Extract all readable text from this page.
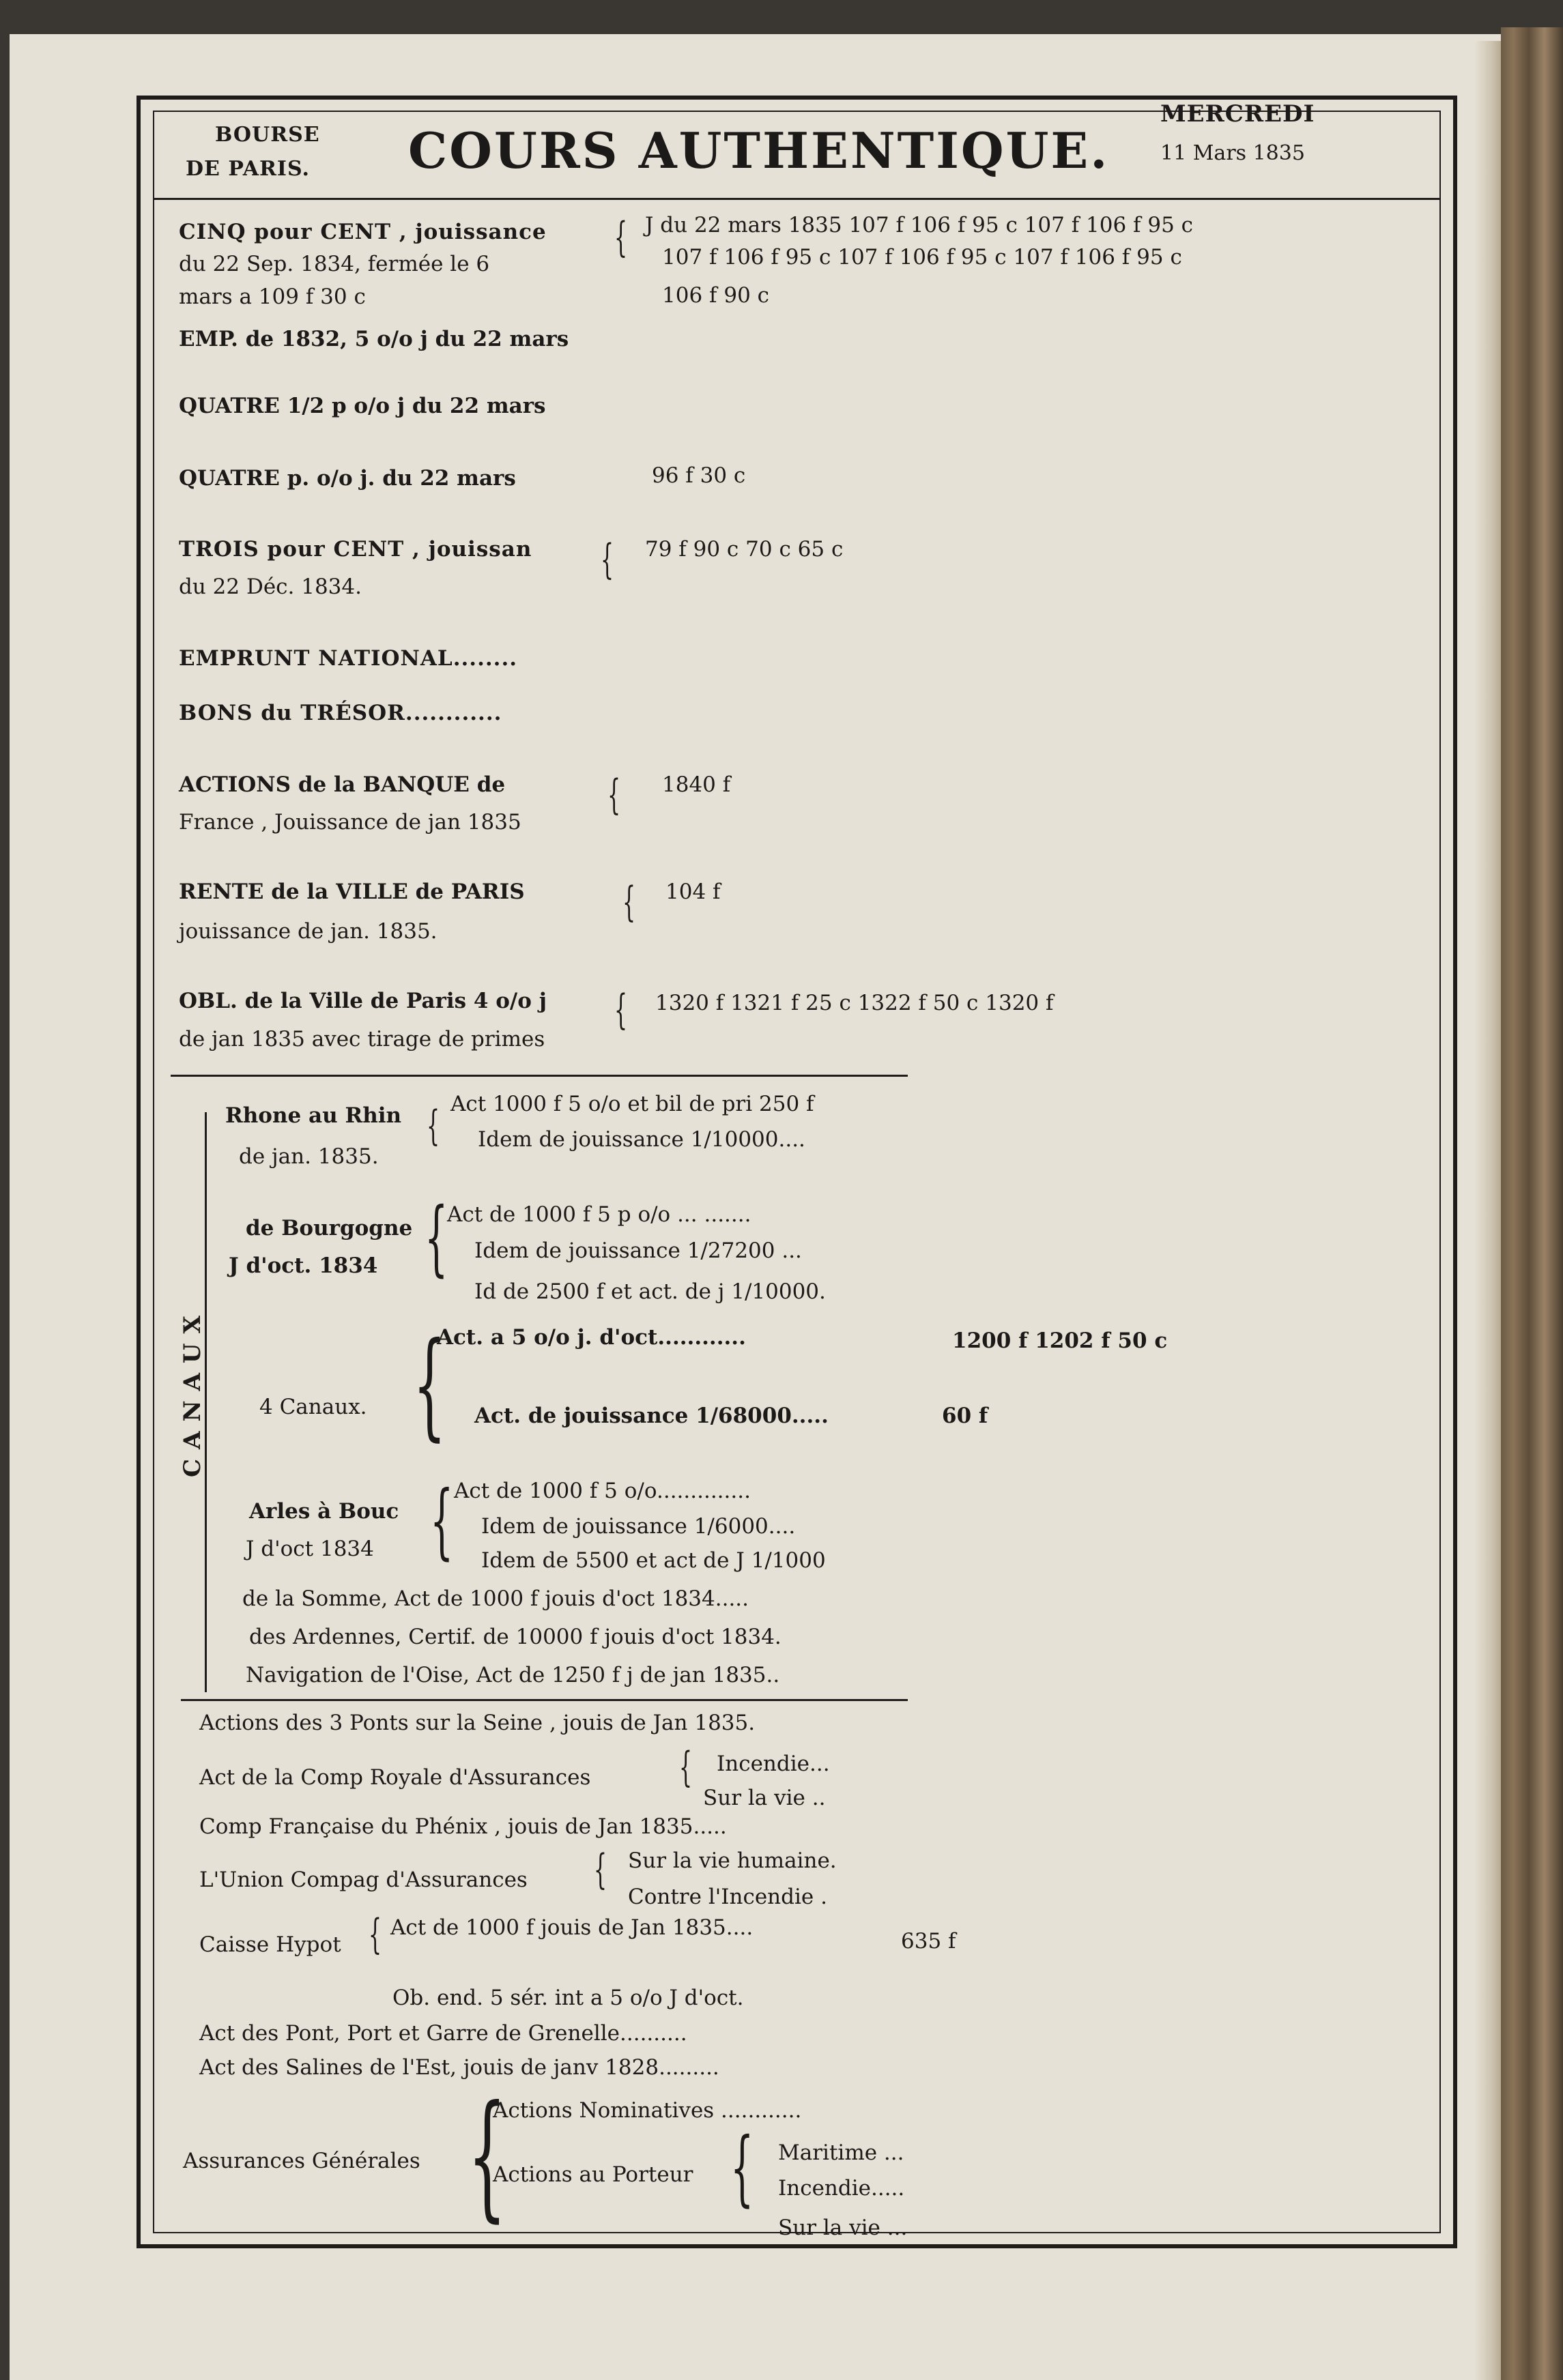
BOURSE
DE PARIS. COURS AUTHENTIQUE.
MERCREDI
11 Mars 1835
CINQ pour CENT , jouissance
du 22 Sep. 1834, fermée le 6
mars a 109 f 30 c
{ J du 22 mars 1835 107 f 106 f 95 c 107 f 106 f 95 c
107 f 106 f 95 c 107 f 106 f 95 c 107 f 106 f 95 c
106 f 90 c
EMP. de 1832, 5 o/o j du 22 mars
QUATRE 1/2 p o/o j du 22 mars
QUATRE p. o/o j. du 22 mars	96 f 30 c
TROIS pour CENT , jouissan
du 22 Déc. 1834.
{ 79 f 90 c 70 c 65 c
EMPRUNT NATIONAL........
BONS du TRÉSOR............
ACTIONS de la BANQUE de
France , Jouissance de jan 1835
{ 1840 f
RENTE de la VILLE de PARIS
jouissance de jan. 1835.
{ 104 f
OBL. de la Ville de Paris 4 o/o j
de jan 1835 avec tirage de primes
{ 1320 f 1321 f 25 c 1322 f 50 c 1320 f
CANAUX
Rhone au Rhin
de jan. 1835.
{ Act 1000 f 5 o/o et bil de pri 250 f
Idem de jouissance 1/10000....
de Bourgogne
J d'oct. 1834 {
Act de 1000 f 5 p o/o ... .......
Idem de jouissance 1/27200 ...
Id de 2500 f et act. de j 1/10000.
4 Canaux. {
Act. a 5 o/o j. d'oct............	1200 f 1202 f 50 c
Act. de jouissance 1/68000.....	60 f
Arles à Bouc
J d'oct 1834 { Act de 1000 f 5 o/o..............
Idem de jouissance 1/6000....
Idem de 5500 et act de J 1/1000
de la Somme, Act de 1000 f jouis d'oct 1834.....
des Ardennes, Certif. de 10000 f jouis d'oct 1834.
Navigation de l'Oise, Act de 1250 f j de jan 1835..
Actions des 3 Ponts sur la Seine , jouis de Jan 1835.
Act de la Comp Royale d'Assurances { Incendie...
Sur la vie ..
Comp Française du Phénix , jouis de Jan 1835.....
L'Union Compag d'Assurances { Sur la vie humaine.
Contre l'Incendie .
Caisse Hypot { Act de 1000 f jouis de Jan 1835....
635 f
Ob. end. 5 sér. int a 5 o/o J d'oct.
Act des Pont, Port et Garre de Grenelle..........
Act des Salines de l'Est, jouis de janv 1828.........
Assurances Générales {
Actions Nominatives ............
Actions au Porteur { Maritime ...
Incendie.....
Sur la vie ...
